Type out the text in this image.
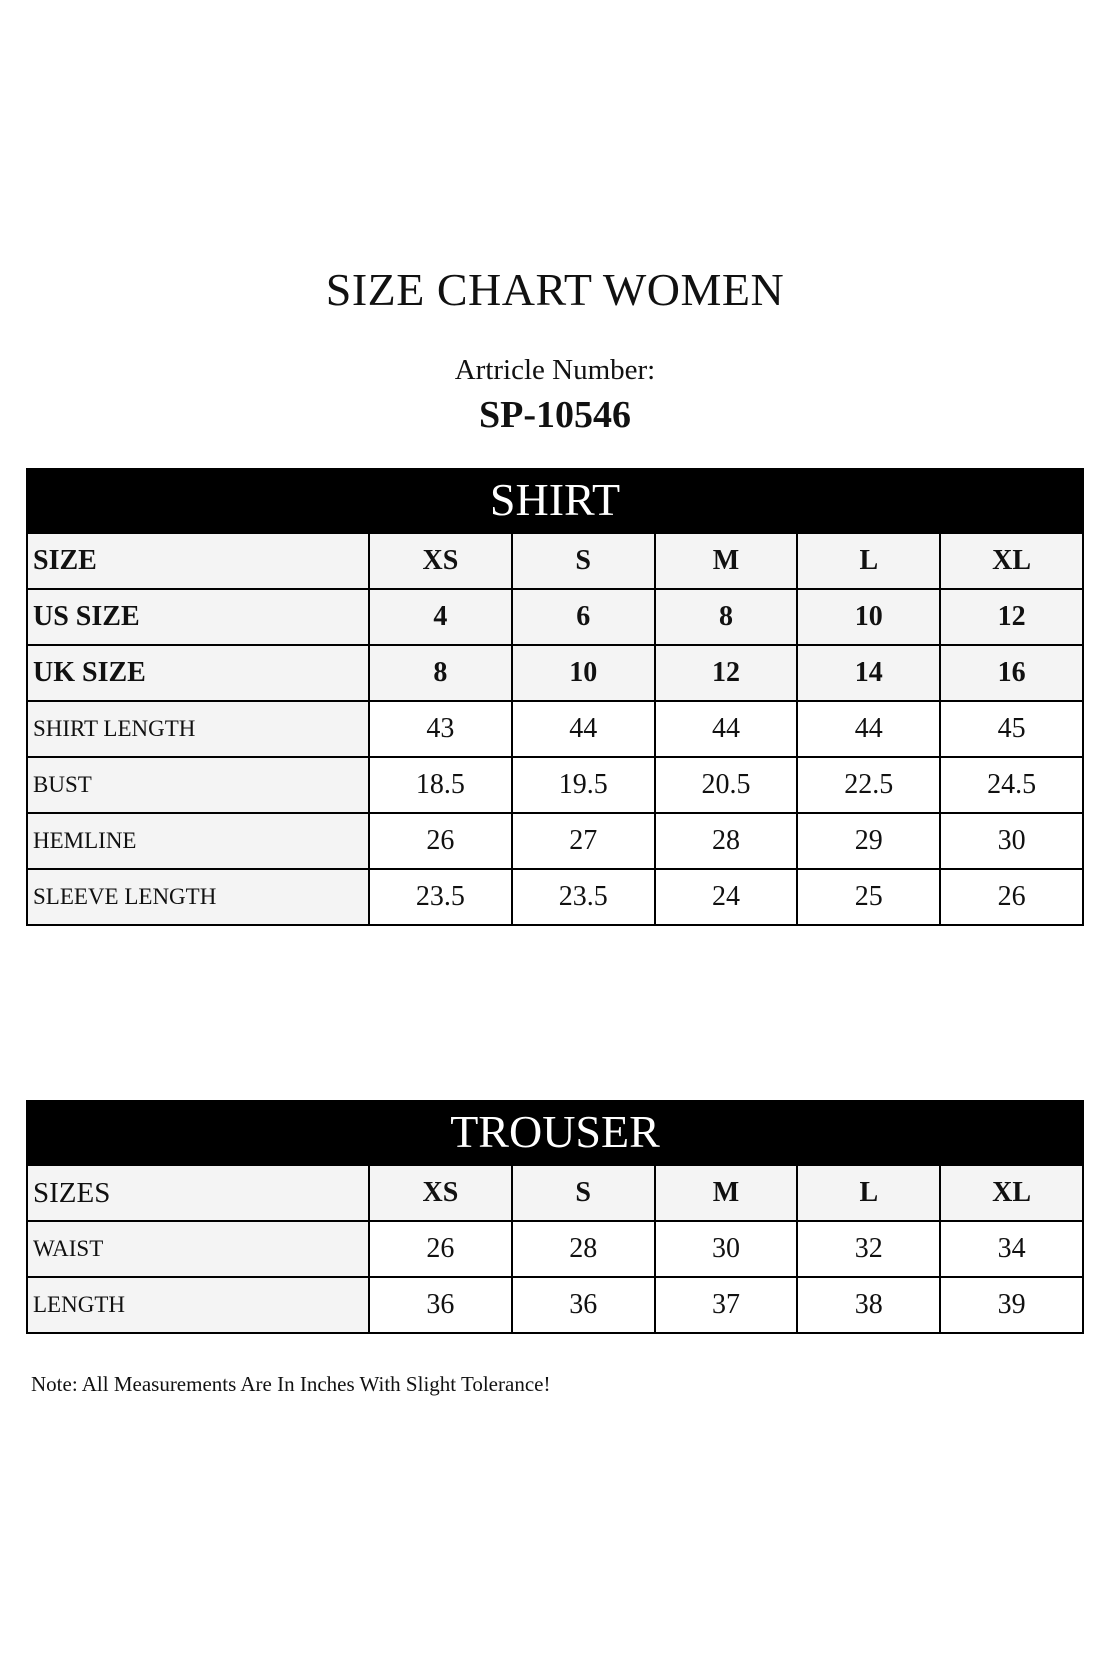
SIZE CHART WOMEN
Artricle Number:
SP-10546
SHIRT
SIZE	XS	S	M	L	XL
US SIZE	4	6	8	10	12
UK SIZE	8	10	12	14	16
SHIRT LENGTH	43	44	44	44	45
BUST	18.5	19.5	20.5	22.5	24.5
HEMLINE	26	27	28	29	30
SLEEVE LENGTH	23.5	23.5	24	25	26
TROUSER
SIZES	XS	S	M	L	XL
WAIST	26	28	30	32	34
LENGTH	36	36	37	38	39
Note: All Measurements Are In Inches With Slight Tolerance!
